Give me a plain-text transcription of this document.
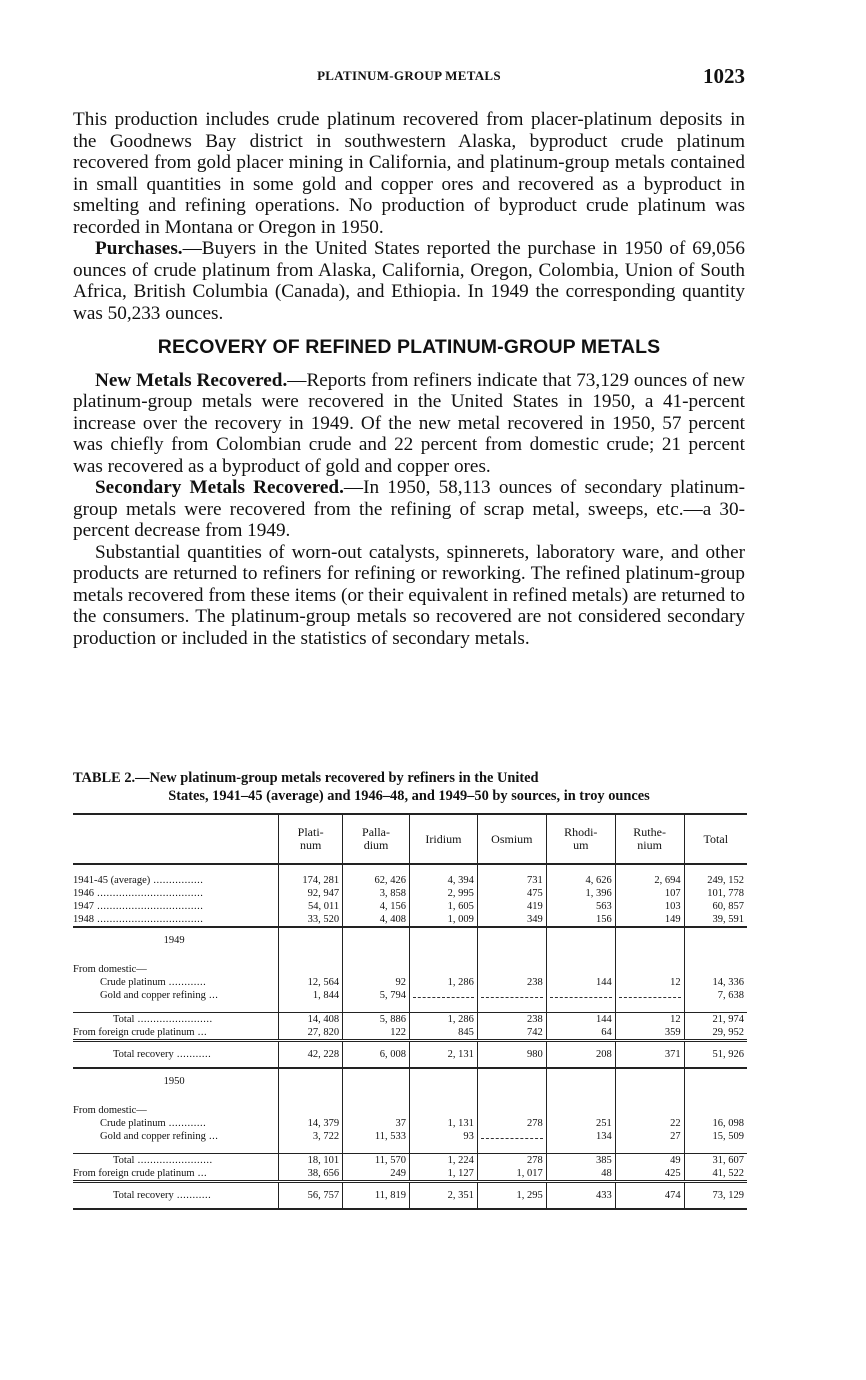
PLATINUM-GROUP METALS	1023

This production includes crude platinum recovered from placer-platinum deposits in the Goodnews Bay district in southwestern Alaska, byproduct crude platinum recovered from gold placer mining in California, and platinum-group metals contained in small quantities in some gold and copper ores and recovered as a byproduct in smelting and refining operations. No production of byproduct crude platinum was recorded in Montana or Oregon in 1950.

Purchases.—Buyers in the United States reported the purchase in 1950 of 69,056 ounces of crude platinum from Alaska, California, Oregon, Colombia, Union of South Africa, British Columbia (Canada), and Ethiopia. In 1949 the corresponding quantity was 50,233 ounces.

RECOVERY OF REFINED PLATINUM-GROUP METALS

New Metals Recovered.—Reports from refiners indicate that 73,129 ounces of new platinum-group metals were recovered in the United States in 1950, a 41-percent increase over the recovery in 1949. Of the new metal recovered in 1950, 57 percent was chiefly from Colombian crude and 22 percent from domestic crude; 21 percent was recovered as a byproduct of gold and copper ores.

Secondary Metals Recovered.—In 1950, 58,113 ounces of secondary platinum-group metals were recovered from the refining of scrap metal, sweeps, etc.—a 30-percent decrease from 1949.

Substantial quantities of worn-out catalysts, spinnerets, laboratory ware, and other products are returned to refiners for refining or reworking. The refined platinum-group metals recovered from these items (or their equivalent in refined metals) are returned to the consumers. The platinum-group metals so recovered are not considered secondary production or included in the statistics of secondary metals.

TABLE 2.—New platinum-group metals recovered by refiners in the United
States, 1941–45 (average) and 1946–48, and 1949–50 by sources, in troy ounces
	Plati-
num	Palla-
dium	Iridium	Osmium	Rhodi-
um	Ruthe-
nium	Total

1941-45 (average) ................	174, 281	62, 426	4, 394	731	4, 626	2, 694	249, 152
1946 ..................................	92, 947	3, 858	2, 995	475	1, 396	107	101, 778
1947 ..................................	54, 011	4, 156	1, 605	419	563	103	60, 857
1948 ..................................	33, 520	4, 408	1, 009	349	156	149	39, 591
1949							
From domestic—							
Crude platinum ............	12, 564	92	1, 286	238	144	12	14, 336
Gold and copper refining ...	1, 844	5, 794					7, 638

Total ........................	14, 408	5, 886	1, 286	238	144	12	21, 974
From foreign crude platinum ...	27, 820	122	845	742	64	359	29, 952
Total recovery ...........	42, 228	6, 008	2, 131	980	208	371	51, 926
1950							
From domestic—							
Crude platinum ............	14, 379	37	1, 131	278	251	22	16, 098
Gold and copper refining ...	3, 722	11, 533	93		134	27	15, 509

Total ........................	18, 101	11, 570	1, 224	278	385	49	31, 607
From foreign crude platinum ...	38, 656	249	1, 127	1, 017	48	425	41, 522
Total recovery ...........	56, 757	11, 819	2, 351	1, 295	433	474	73, 129
